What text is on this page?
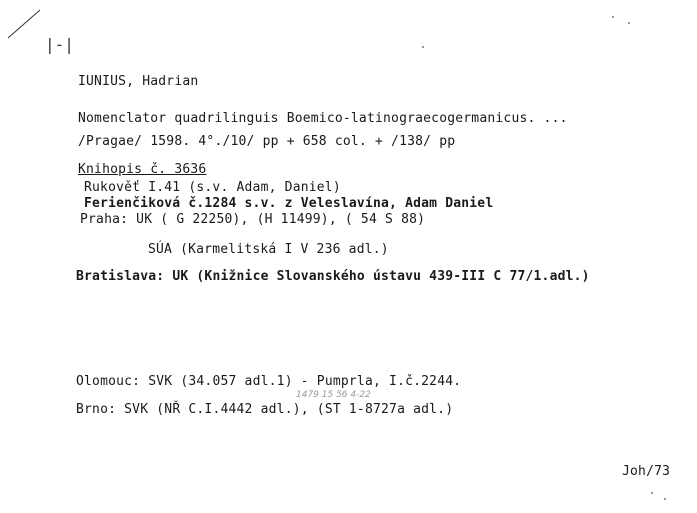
|-|
IUNIUS, Hadrian
Nomenclator quadrilinguis Boemico-latinograecogermanicus. ...
/Pragae/ 1598. 4°./10/ pp + 658 col. + /138/ pp
Knihopis č. 3636
Rukověť I.41 (s.v. Adam, Daniel)
Ferienčiková č.1284 s.v. z Veleslavína, Adam Daniel
Praha: UK ( G 22250), (H 11499), ( 54 S 88)
SÚA (Karmelitská I V 236 adl.)
Bratislava: UK (Knižnice Slovanského ústavu 439-III C 77/1.adl.)
Olomouc: SVK (34.057 adl.1) - Pumprla, I.č.2244.
1479 15 56 4-22
Brno: SVK (NŘ C.I.4442 adl.), (ST 1-8727a adl.)
Joh/73
